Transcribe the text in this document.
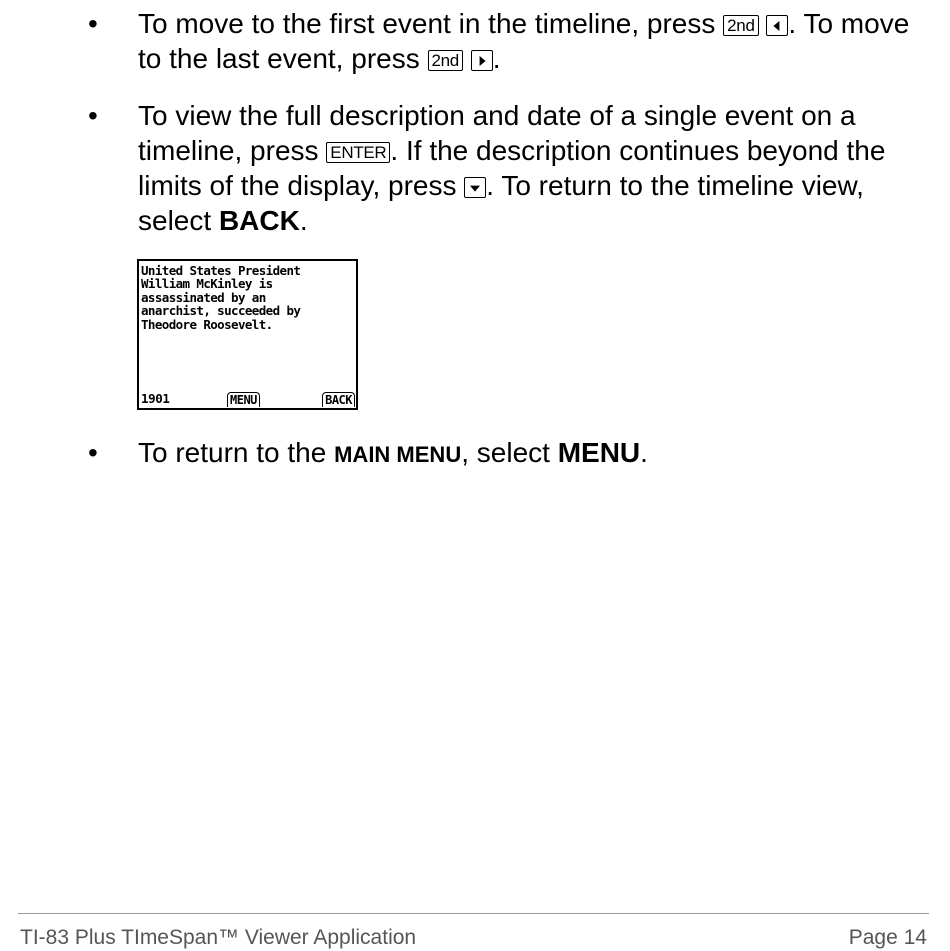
• To move to the first event in the timeline, press 2nd . To move to the last event, press 2nd .

• To view the full description and date of a single event on a timeline, press ENTER . If the description continues beyond the limits of the display, press
. To return to the timeline view, select BACK.

United States President
William McKinley is
assassinated by an
anarchist, succeeded by
Theodore Roosevelt.
1901	MENU	BACK
• To return to the MAIN MENU, select MENU.

TI-83 Plus TImeSpan™ Viewer Application	Page 14
